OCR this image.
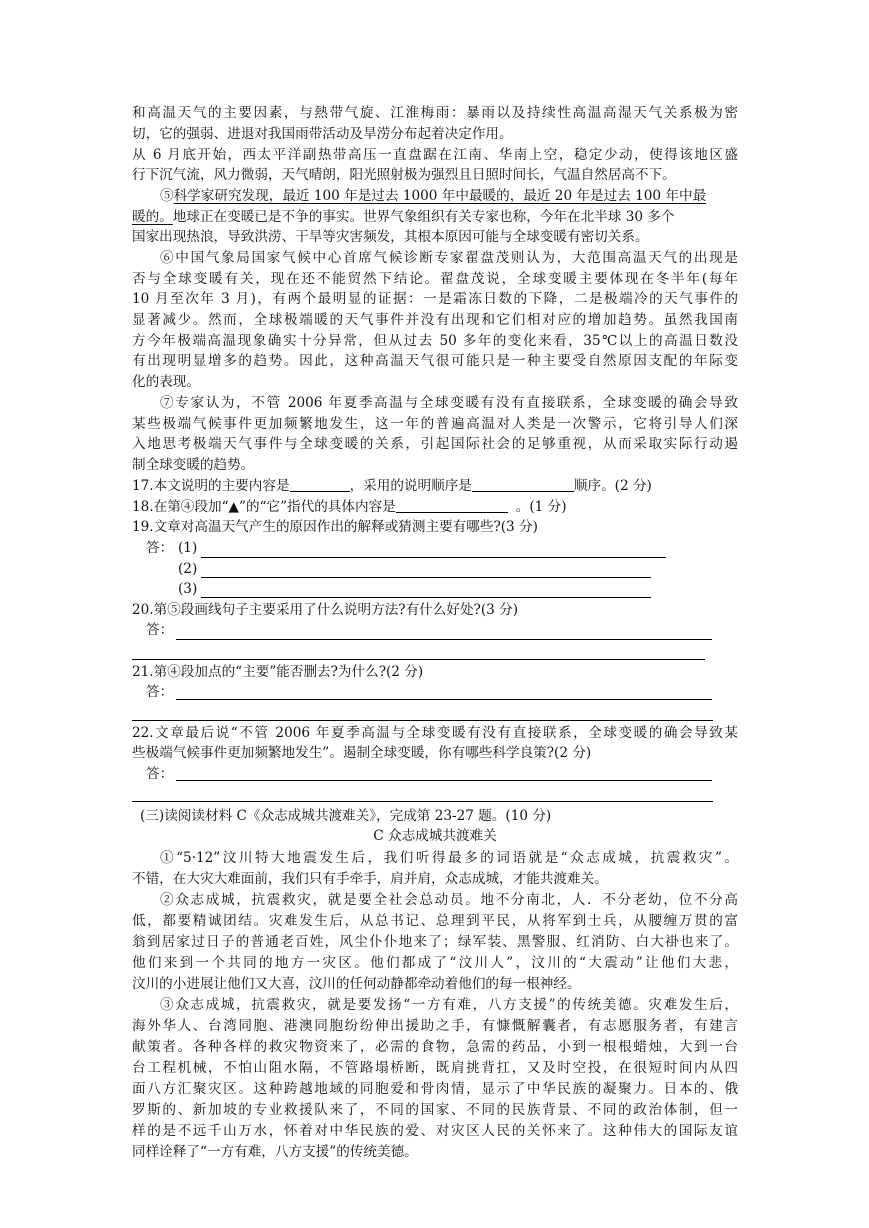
和高温天气的主要因素，与熱带气旋、江淮梅雨：暴雨以及持续性高温高湿天气关系极为密
切，它的强弱、进退对我国雨带活动及旱涝分布起着决定作用。
从 6 月底开始，西太平洋副热带高压一直盘踞在江南、华南上空，稳定少动，使得该地区盛
行下沉气流，风力微弱，天气晴朗，阳光照射极为强烈且日照时间长，气温自然居高不下。
⑤科学家研究发现，最近 100 年是过去 1000 年中最暖的，最近 20 年是过去 100 年中最
暖的。地球正在变暖已是不争的事实。世界气象组织有关专家也称，今年在北半球 30 多个
国家出现热浪，导致洪涝、干旱等灾害频发，其根本原因可能与全球变暖有密切关系。
⑥中国气象局国家气候中心首席气候诊断专家翟盘茂则认为，大范围高温天气的出现是
否与全球变暖有关，现在还不能贸然下结论。翟盘茂说，全球变暖主要体现在冬半年(每年
10 月至次年 3 月)，有两个最明显的证据：一是霜冻日数的下降，二是极端冷的天气事件的
显著减少。然而，全球极端暖的天气事件并没有出现和它们相对应的增加趋势。虽然我国南
方今年极端高温现象确实十分异常，但从过去 50 多年的变化来看，35℃以上的高温日数没
有出现明显增多的趋势。因此，这种高温天气很可能只是一种主要受自然原因支配的年际变
化的表现。
⑦专家认为，不管 2006 年夏季高温与全球变暖有没有直接联系，全球变暖的确会导致
某些极端气候事件更加频繁地发生，这一年的普遍高温对人类是一次警示，它将引导人们深
入地思考极端天气事件与全球变暖的关系，引起国际社会的足够重视，从而采取实际行动遏
制全球变暖的趋势。
17.本文说明的主要内容是	，采用的说明顺序是	顺序。(2 分)
18.在第④段加“▲”的“它”指代的具体内容是	。(1 分)
19.文章对高温天气产生的原因作出的解释或猜测主要有哪些?(3 分)
答： (1)
(2)
(3)
20.第⑤段画线句子主要采用了什么说明方法?有什么好处?(3 分)
答：
21.第④段加点的“主要”能否删去?为什么?(2 分)
答：
22.文章最后说“不管 2006 年夏季高温与全球变暖有没有直接联系，全球变暖的确会导致某
些极端气候事件更加频繁地发生”。遏制全球变暖，你有哪些科学良策?(2 分)
答：
(三)读阅读材料 C《众志成城共渡难关》，完成第 23-27 题。(10 分)
C 众志成城共渡难关
①“5·12”汶川特大地震发生后，我们听得最多的词语就是“众志成城，抗震救灾”。
不错，在大灾大难面前，我们只有手牵手，肩并肩，众志成城，才能共渡难关。
②众志成城，抗震救灾，就是要全社会总动员。地不分南北，人．不分老幼，位不分高
低，都要精诚团结。灾难发生后，从总书记、总理到平民，从将军到士兵，从腰缠万贯的富
翁到居家过日子的普通老百姓，风尘仆仆地来了；绿军装、黑警服、红消防、白大褂也来了。
他们来到一个共同的地方一灾区。他们都成了“汶川人”，汶川的“大震动”让他们大悲，
汶川的小进展让他们又大喜，汶川的任何动静都牵动着他们的每一根神经。
③众志成城，抗震救灾，就是要发扬“一方有难，八方支援”的传统美德。灾难发生后，
海外华人、台湾同胞、港澳同胞纷纷伸出援助之手，有慷慨解囊者，有志愿服务者，有建言
献策者。各种各样的救灾物资来了，必需的食物，急需的药品，小到一根根蜡烛，大到一台
台工程机械，不怕山阻水隔，不管路塌桥断，既肩挑背扛，又及时空投，在很短时间内从四
面八方汇聚灾区。这种跨越地域的同胞爱和骨肉情，显示了中华民族的凝聚力。日本的、俄
罗斯的、新加坡的专业救援队来了，不同的国家、不同的民族背景、不同的政治体制，但一
样的是不远千山万水，怀着对中华民族的爱、对灾区人民的关怀来了。这种伟大的国际友谊
同样诠释了“一方有难，八方支援”的传统美德。
